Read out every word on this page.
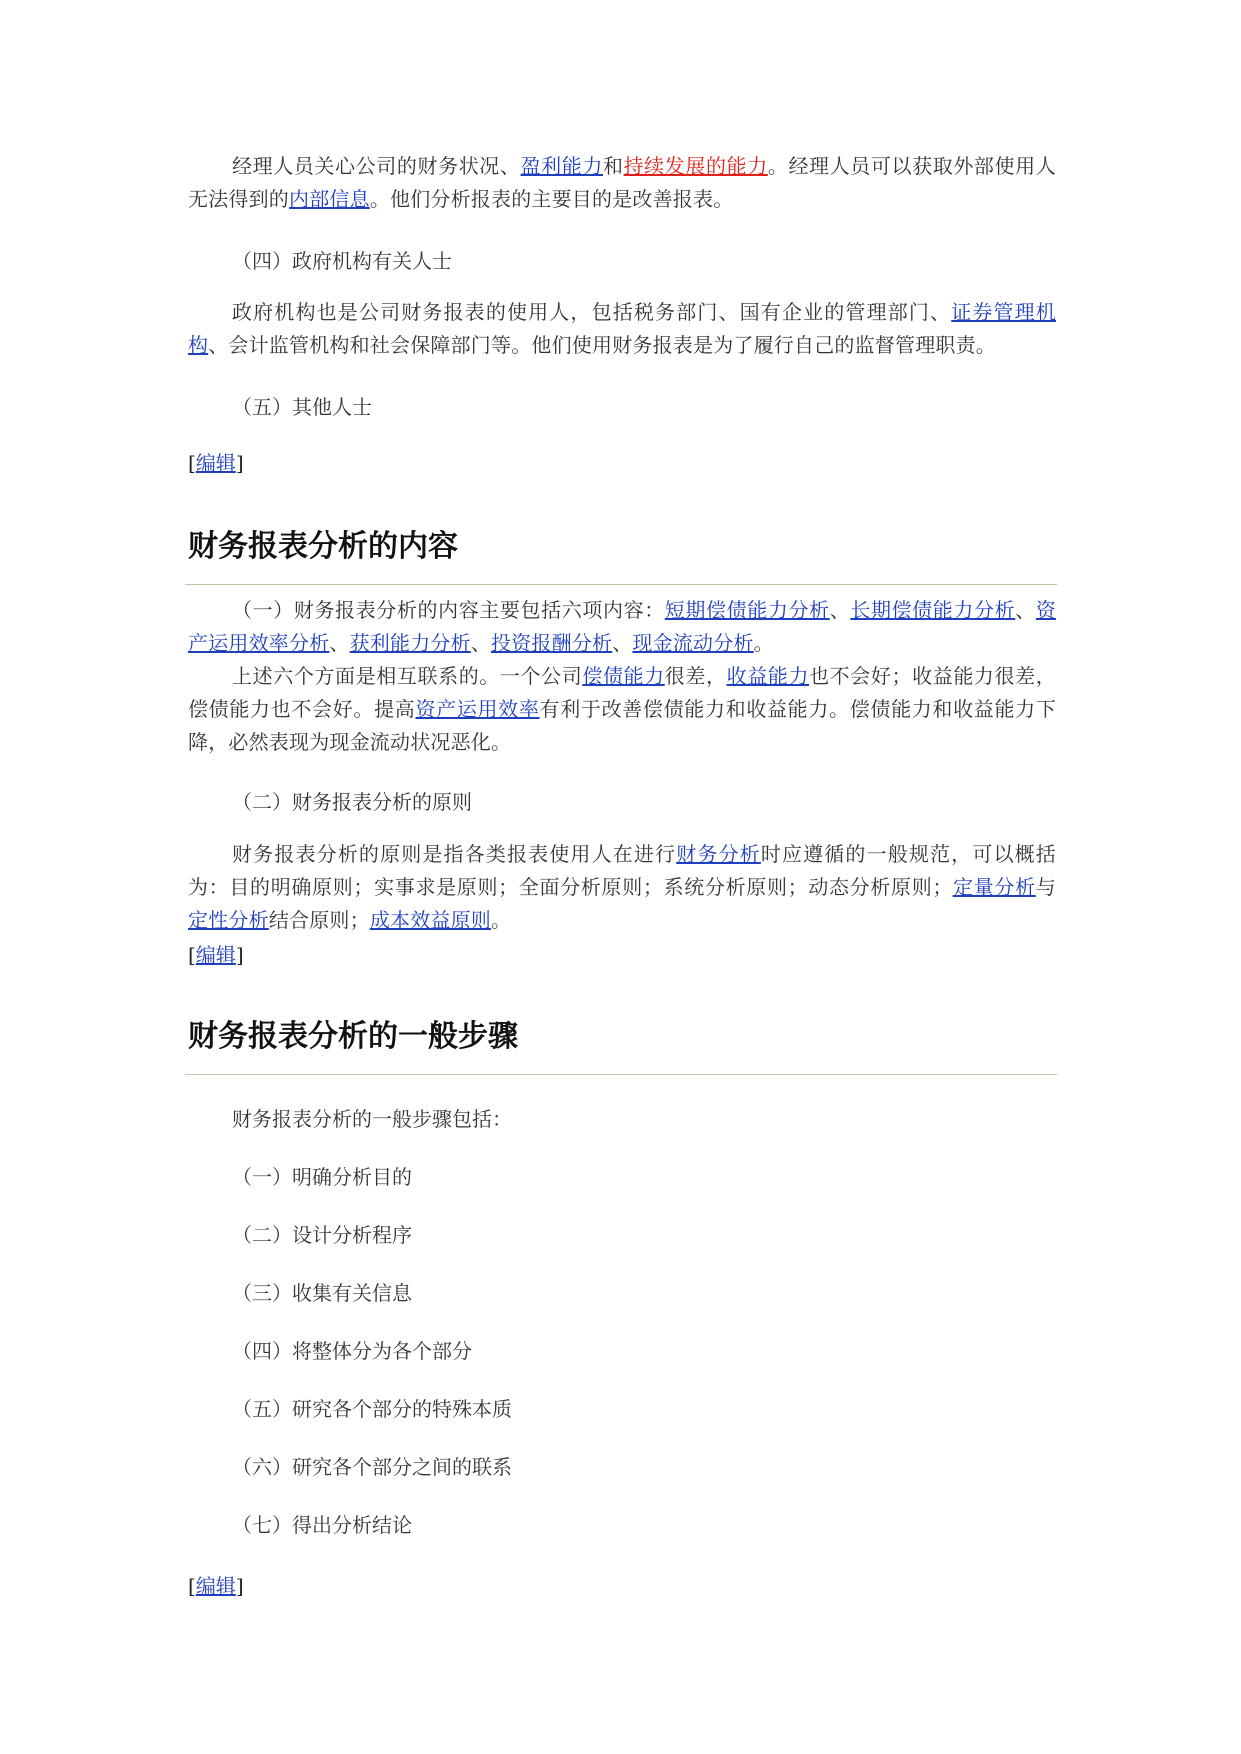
经理人员关心公司的财务状况、盈利能力和持续发展的能力。经理人员可以获取外部使用人无法得到的内部信息。他们分析报表的主要目的是改善报表。
（四）政府机构有关人士
政府机构也是公司财务报表的使用人，包括税务部门、国有企业的管理部门、证券管理机构、会计监管机构和社会保障部门等。他们使用财务报表是为了履行自己的监督管理职责。
（五）其他人士
[编辑]
财务报表分析的内容
（一）财务报表分析的内容主要包括六项内容：短期偿债能力分析、长期偿债能力分析、资产运用效率分析、获利能力分析、投资报酬分析、现金流动分析。
上述六个方面是相互联系的。一个公司偿债能力很差，收益能力也不会好；收益能力很差，偿债能力也不会好。提高资产运用效率有利于改善偿债能力和收益能力。偿债能力和收益能力下降，必然表现为现金流动状况恶化。
（二）财务报表分析的原则
财务报表分析的原则是指各类报表使用人在进行财务分析时应遵循的一般规范，可以概括为：目的明确原则；实事求是原则；全面分析原则；系统分析原则；动态分析原则；定量分析与定性分析结合原则；成本效益原则。
[编辑]
财务报表分析的一般步骤
财务报表分析的一般步骤包括：
（一）明确分析目的
（二）设计分析程序
（三）收集有关信息
（四）将整体分为各个部分
（五）研究各个部分的特殊本质
（六）研究各个部分之间的联系
（七）得出分析结论
[编辑]
